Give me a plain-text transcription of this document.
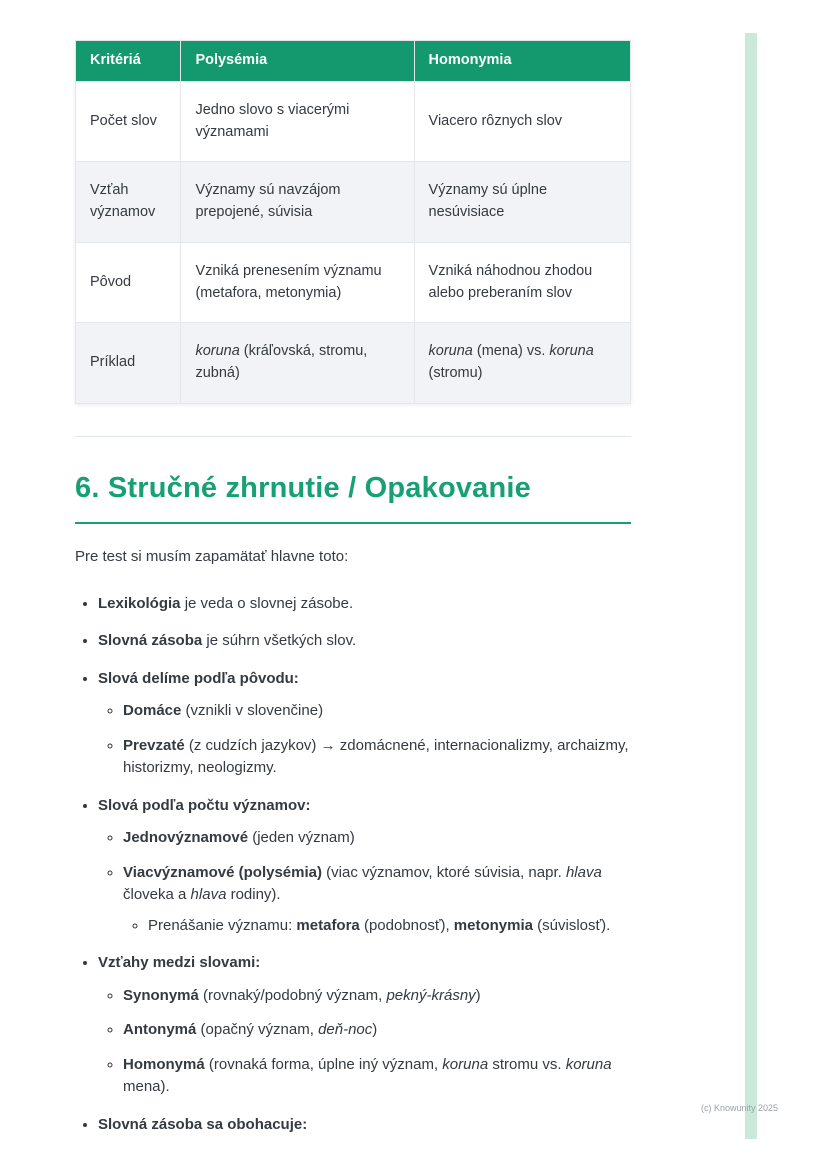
Kritériá	Polysémia	Homonymia
Počet slov	Jedno slovo s viacerými významami	Viacero rôznych slov
Vzťah významov	Významy sú navzájom prepojené, súvisia	Významy sú úplne nesúvisiace
Pôvod	Vzniká prenesením významu (metafora, metonymia)	Vzniká náhodnou zhodou alebo preberaním slov
Príklad	koruna (kráľovská, stromu, zubná)	koruna (mena) vs. koruna (stromu)
6. Stručné zhrnutie / Opakovanie

Pre test si musím zapamätať hlavne toto:

• Lexikológia je veda o slovnej zásobe.
• Slovná zásoba je súhrn všetkých slov.
• Slová delíme podľa pôvodu:
◦ Domáce (vznikli v slovenčine)
◦ Prevzaté (z cudzích jazykov) → zdomácnené, internacionalizmy, archaizmy, historizmy, neologizmy.
• Slová podľa počtu významov:
◦ Jednovýznamové (jeden význam)
◦ Viacvýznamové (polysémia) (viac významov, ktoré súvisia, napr. hlava človeka a hlava rodiny).
◦ Prenášanie významu: metafora (podobnosť), metonymia (súvislosť).
• Vzťahy medzi slovami:
◦ Synonymá (rovnaký/podobný význam, pekný-krásny)
◦ Antonymá (opačný význam, deň-noc)
◦ Homonymá (rovnaká forma, úplne iný význam, koruna stromu vs. koruna mena).
• Slovná zásoba sa obohacuje:
(c) Knowunity 2025
